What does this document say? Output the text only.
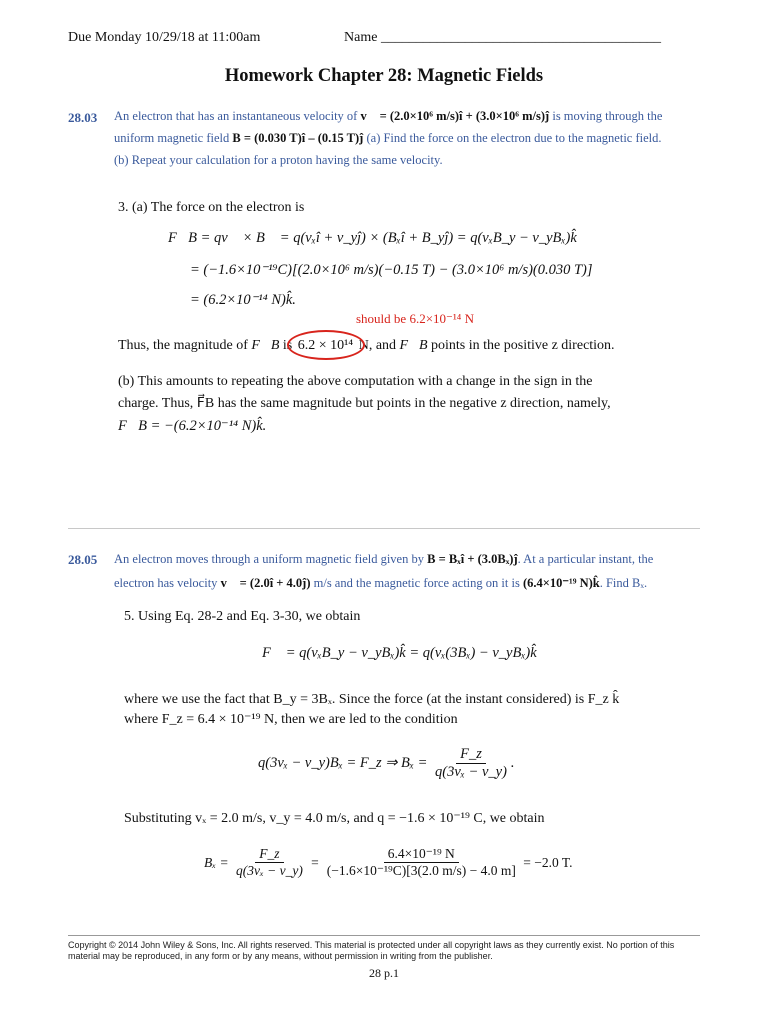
Due Monday 10/29/18 at 11:00am	Name ________________________________________
Homework Chapter 28: Magnetic Fields
28.03 An electron that has an instantaneous velocity of v⃗ = (2.0×10⁶ m/s)î + (3.0×10⁶ m/s)ĵ is moving through the
uniform magnetic field B = (0.030 T)î – (0.15 T)ĵ (a) Find the force on the electron due to the magnetic field.
(b) Repeat your calculation for a proton having the same velocity.
3. (a) The force on the electron is
F⃗B = qv⃗ × B⃗ = q(vₓî + v_yĵ) × (Bₓî + B_yĵ) = q(vₓB_y − v_yBₓ)k̂
= (−1.6×10⁻¹⁹C)[(2.0×10⁶ m/s)(−0.15 T) − (3.0×10⁶ m/s)(0.030 T)]
= (6.2×10⁻¹⁴ N)k̂.
should be 6.2×10⁻¹⁴ N
Thus, the magnitude of F⃗B is 6.2 × 10¹⁴ N, and F⃗B points in the positive z direction.
(b) This amounts to repeating the above computation with a change in the sign in the
charge. Thus, F⃗B has the same magnitude but points in the negative z direction, namely,
F⃗B = −(6.2×10⁻¹⁴ N)k̂.
28.05 An electron moves through a uniform magnetic field given by B = Bₓî + (3.0Bₓ)ĵ. At a particular instant, the
electron has velocity v⃗ = (2.0î + 4.0ĵ) m/s and the magnetic force acting on it is (6.4×10⁻¹⁹ N)k̂. Find Bₓ.
5. Using Eq. 28-2 and Eq. 3-30, we obtain
F⃗ = q(vₓB_y − v_yBₓ)k̂ = q(vₓ(3Bₓ) − v_yBₓ)k̂
where we use the fact that B_y = 3Bₓ. Since the force (at the instant considered) is F_z k̂
where F_z = 6.4 × 10⁻¹⁹ N, then we are led to the condition
q(3vₓ − v_y)Bₓ = F_z ⇒ Bₓ =
$\frac{F\_z}{\text{q(3vₓ − v\_y)}}$ .
Substituting vₓ = 2.0 m/s, v_y = 4.0 m/s, and q = −1.6 × 10⁻¹⁹ C, we obtain
Bₓ =
$\frac{F\_z}{\text{q(3vₓ − v\_y)}}$
=
$\frac{\text{6.4×10⁻¹⁹ N}}{\text{(−1.6×10⁻¹⁹C)[3(2.0 m/s) − 4.0 m]}}$
= −2.0 T.
Copyright © 2014 John Wiley & Sons, Inc. All rights reserved. This material is protected under all copyright laws as they currently exist. No portion of this material may be reproduced, in any form or by any means, without permission in writing from the publisher.
28 p.1
